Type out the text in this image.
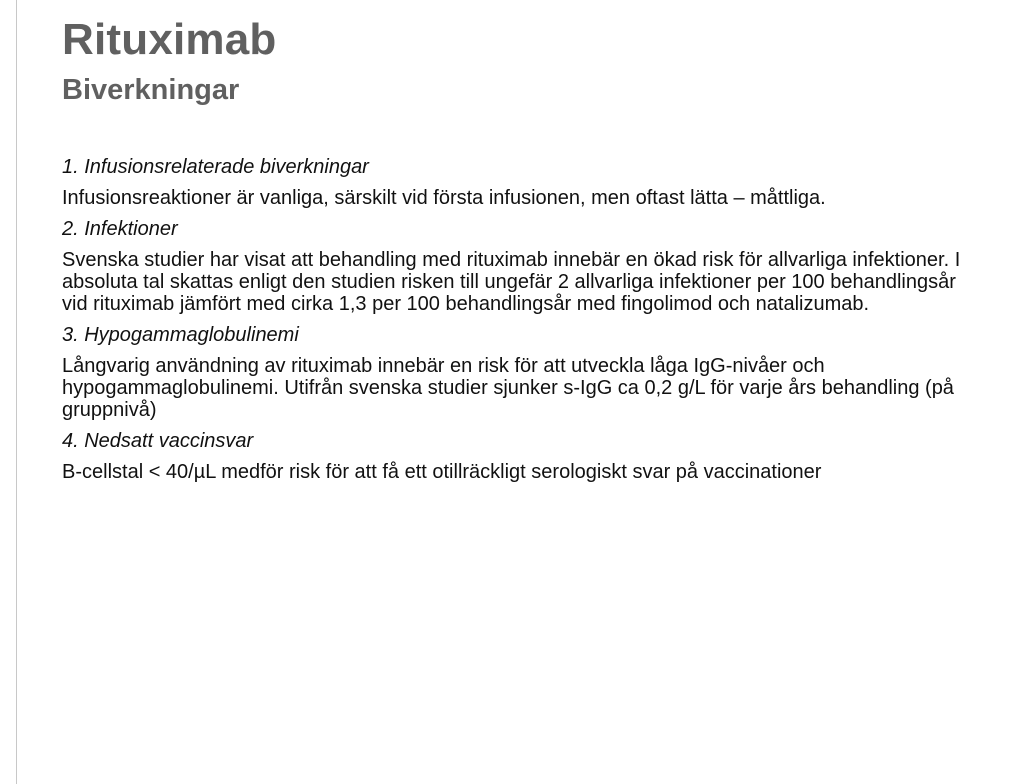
Rituximab
Biverkningar

1. Infusionsrelaterade biverkningar

Infusionsreaktioner är vanliga, särskilt vid första infusionen, men oftast lätta – måttliga.

2. Infektioner

Svenska studier har visat att behandling med rituximab innebär en ökad risk för allvarliga infektioner. I absoluta tal skattas enligt den studien risken till ungefär 2 allvarliga infektioner per 100 behandlingsår vid rituximab jämfört med cirka 1,3 per 100 behandlingsår med fingolimod och natalizumab.

3. Hypogammaglobulinemi

Långvarig användning av rituximab innebär en risk för att utveckla låga IgG-nivåer och hypogammaglobulinemi. Utifrån svenska studier sjunker s-IgG ca 0,2 g/L för varje års behandling (på gruppnivå)

4. Nedsatt vaccinsvar

B-cellstal < 40/µL medför risk för att få ett otillräckligt serologiskt svar på vaccinationer
